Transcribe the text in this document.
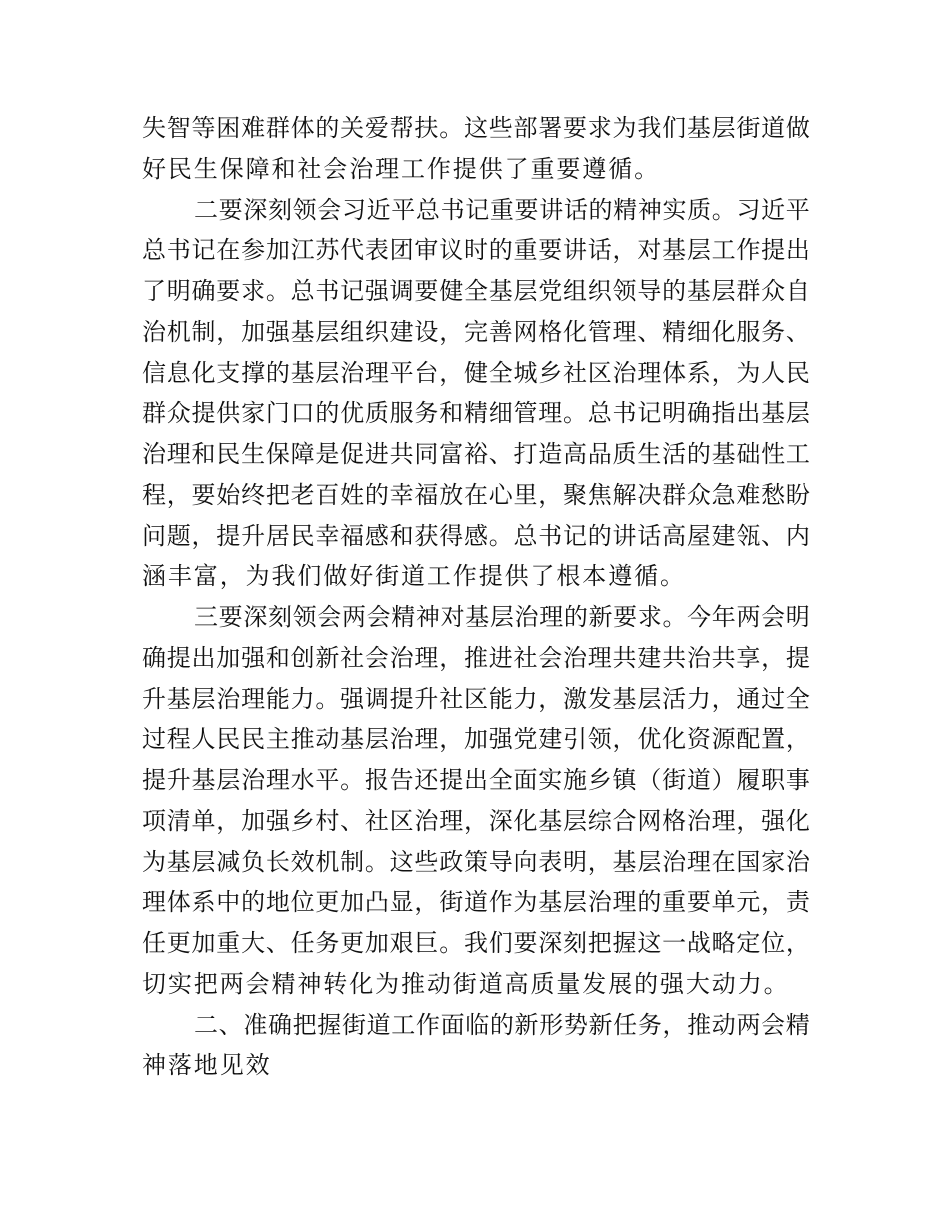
失 智 等 困 难 群 体 的 关 爱 帮 扶 。 这 些 部 署 要 求 为 我 们 基 层 街 道 做
好民生保障和社会治理工作提供了重要遵循。
二 要 深 刻 领 会 习 近 平 总 书 记 重 要 讲 话 的 精 神 实 质 。 习 近 平
总 书 记 在 参 加 江 苏 代 表 团 审 议 时 的 重 要 讲 话 ， 对 基 层 工 作 提 出
了 明 确 要 求 。 总 书 记 强 调 要 健 全 基 层 党 组 织 领 导 的 基 层 群 众 自
治 机 制 ， 加 强 基 层 组 织 建 设 ， 完 善 网 格 化 管 理 、 精 细 化 服 务 、
信 息 化 支 撑 的 基 层 治 理 平 台 ， 健 全 城 乡 社 区 治 理 体 系 ， 为 人 民
群 众 提 供 家 门 口 的 优 质 服 务 和 精 细 管 理 。 总 书 记 明 确 指 出 基 层
治 理 和 民 生 保 障 是 促 进 共 同 富 裕 、 打 造 高 品 质 生 活 的 基 础 性 工
程 ， 要 始 终 把 老 百 姓 的 幸 福 放 在 心 里 ， 聚 焦 解 决 群 众 急 难 愁 盼
问 题 ， 提 升 居 民 幸 福 感 和 获 得 感 。 总 书 记 的 讲 话 高 屋 建 瓴 、 内
涵丰富，为我们做好街道工作提供了根本遵循。
三 要 深 刻 领 会 两 会 精 神 对 基 层 治 理 的 新 要 求 。 今 年 两 会 明
确 提 出 加 强 和 创 新 社 会 治 理 ， 推 进 社 会 治 理 共 建 共 治 共 享 ， 提
升 基 层 治 理 能 力 。 强 调 提 升 社 区 能 力 ， 激 发 基 层 活 力 ， 通 过 全
过 程 人 民 民 主 推 动 基 层 治 理 ， 加 强 党 建 引 领 ， 优 化 资 源 配 置 ，
提 升 基 层 治 理 水 平 。 报 告 还 提 出 全 面 实 施 乡 镇 （ 街 道 ） 履 职 事
项 清 单 ， 加 强 乡 村 、 社 区 治 理 ， 深 化 基 层 综 合 网 格 治 理 ， 强 化
为 基 层 减 负 长 效 机 制 。 这 些 政 策 导 向 表 明 ， 基 层 治 理 在 国 家 治
理 体 系 中 的 地 位 更 加 凸 显 ， 街 道 作 为 基 层 治 理 的 重 要 单 元 ， 责
任 更 加 重 大 、 任 务 更 加 艰 巨 。 我 们 要 深 刻 把 握 这 一 战 略 定 位 ，
切实把两会精神转化为推动街道高质量发展的强大动力。
二 、 准 确 把 握 街 道 工 作 面 临 的 新 形 势 新 任 务 ， 推 动 两 会 精
神落地见效
